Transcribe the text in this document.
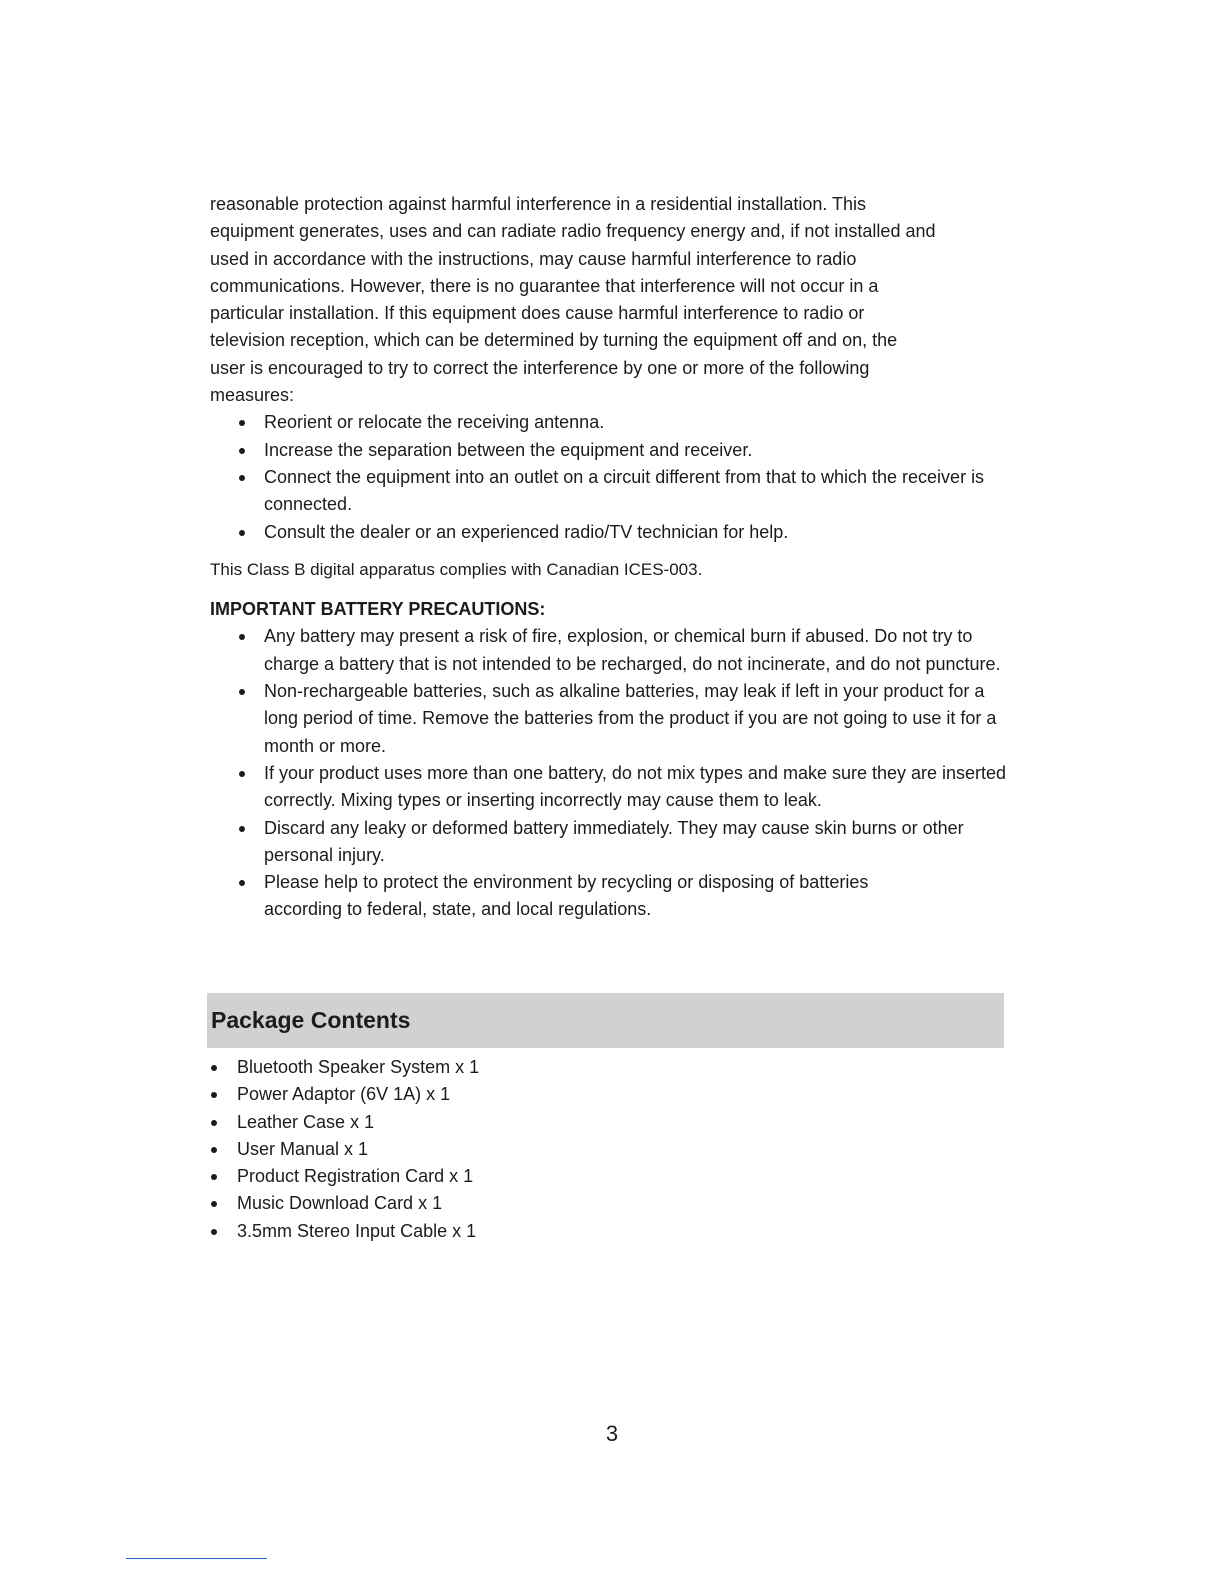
reasonable protection against harmful interference in a residential installation. This
equipment generates, uses and can radiate radio frequency energy and, if not installed and
used in accordance with the instructions, may cause harmful interference to radio
communications. However, there is no guarantee that interference will not occur in a
particular installation. If this equipment does cause harmful interference to radio or
television reception, which can be determined by turning the equipment off and on, the
user is encouraged to try to correct the interference by one or more of the following
measures:
Reorient or relocate the receiving antenna.
Increase the separation between the equipment and receiver.
Connect the equipment into an outlet on a circuit different from that to which the receiver is connected.
Consult the dealer or an experienced radio/TV technician for help.
This Class B digital apparatus complies with Canadian ICES-003.
IMPORTANT BATTERY PRECAUTIONS:
Any battery may present a risk of fire, explosion, or chemical burn if abused. Do not try to charge a battery that is not intended to be recharged, do not incinerate, and do not puncture.
Non-rechargeable batteries, such as alkaline batteries, may leak if left in your product for a long period of time. Remove the batteries from the product if you are not going to use it for a month or more.
If your product uses more than one battery, do not mix types and make sure they are inserted correctly. Mixing types or inserting incorrectly may cause them to leak.
Discard any leaky or deformed battery immediately. They may cause skin burns or other personal injury.
Please help to protect the environment by recycling or disposing of batteries according to federal, state, and local regulations.
Package Contents
Bluetooth Speaker System x 1
Power Adaptor (6V 1A) x 1
Leather Case x 1
User Manual x 1
Product Registration Card x 1
Music Download Card x 1
3.5mm Stereo Input Cable x 1
3
